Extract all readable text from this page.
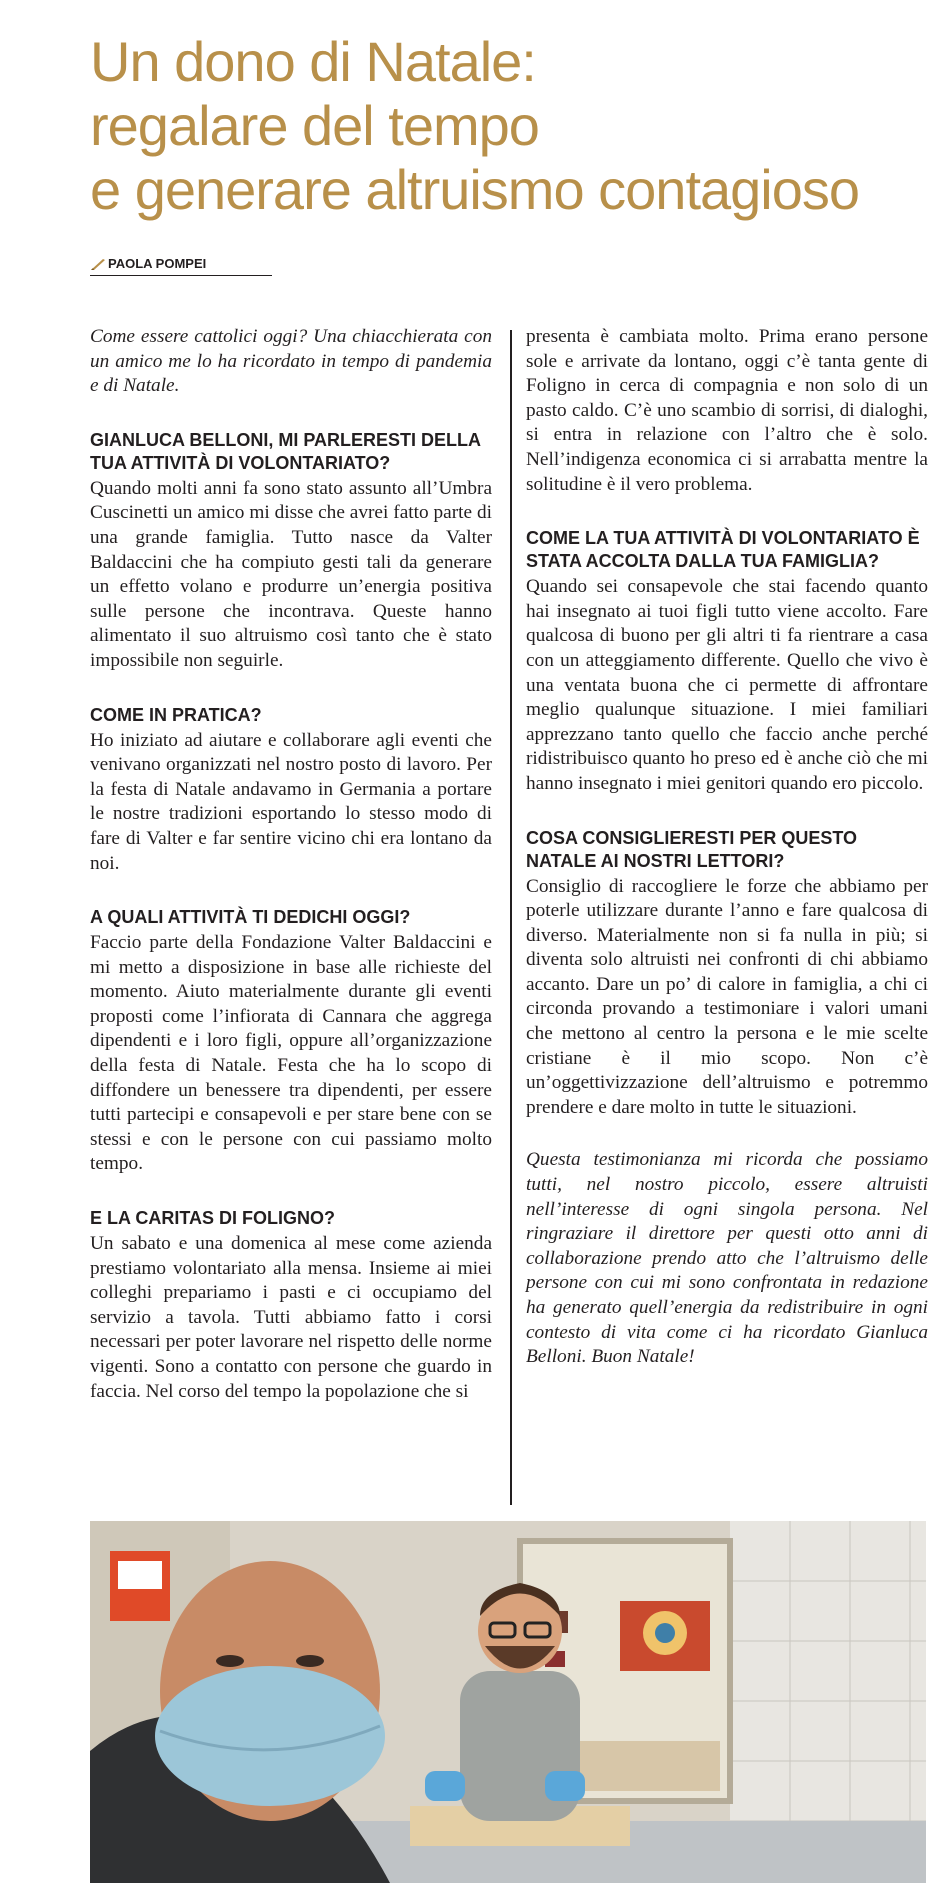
Un dono di Natale:
regalare del tempo
e generare altruismo contagioso
PAOLA POMPEI

Come essere cattolici oggi? Una chiacchierata con un amico me lo ha ricordato in tempo di pandemia e di Natale.

GIANLUCA BELLONI, MI PARLERESTI DELLA TUA ATTIVITÀ DI VOLONTARIATO?

Quando molti anni fa sono stato assunto all’Umbra Cuscinetti un amico mi disse che avrei fatto parte di una grande famiglia. Tutto nasce da Valter Baldaccini che ha compiuto gesti tali da generare un effetto volano e produrre un’energia positiva sulle persone che incontrava. Queste hanno alimentato il suo altruismo così tanto che è stato impossibile non seguirle.

COME IN PRATICA?

Ho iniziato ad aiutare e collaborare agli eventi che venivano organizzati nel nostro posto di lavoro. Per la festa di Natale andavamo in Germania a portare le nostre tradizioni esportando lo stesso modo di fare di Valter e far sentire vicino chi era lontano da noi.

A QUALI ATTIVITÀ TI DEDICHI OGGI?

Faccio parte della Fondazione Valter Baldaccini e mi metto a disposizione in base alle richieste del momento. Aiuto materialmente durante gli eventi proposti come l’infiorata di Cannara che aggrega dipendenti e i loro figli, oppure all’organizzazione della festa di Natale. Festa che ha lo scopo di diffondere un benessere tra dipendenti, per essere tutti partecipi e consapevoli e per stare bene con se stessi e con le persone con cui passiamo molto tempo.

E LA CARITAS DI FOLIGNO?

Un sabato e una domenica al mese come azienda prestiamo volontariato alla mensa. Insieme ai miei colleghi prepariamo i pasti e ci occupiamo del servizio a tavola. Tutti abbiamo fatto i corsi necessari per poter lavorare nel rispetto delle norme vigenti. Sono a contatto con persone che guardo in faccia. Nel corso del tempo la popolazione che si

presenta è cambiata molto. Prima erano persone sole e arrivate da lontano, oggi c’è tanta gente di Foligno in cerca di compagnia e non solo di un pasto caldo. C’è uno scambio di sorrisi, di dialoghi, si entra in relazione con l’altro che è solo. Nell’indigenza economica ci si arrabatta mentre la solitudine è il vero problema.

COME LA TUA ATTIVITÀ DI VOLONTARIATO È STATA ACCOLTA DALLA TUA FAMIGLIA?

Quando sei consapevole che stai facendo quanto hai insegnato ai tuoi figli tutto viene accolto. Fare qualcosa di buono per gli altri ti fa rientrare a casa con un atteggiamento differente. Quello che vivo è una ventata buona che ci permette di affrontare meglio qualunque situazione. I miei familiari apprezzano tanto quello che faccio anche perché ridistribuisco quanto ho preso ed è anche ciò che mi hanno insegnato i miei genitori quando ero piccolo.

COSA CONSIGLIERESTI PER QUESTO NATALE AI NOSTRI LETTORI?

Consiglio di raccogliere le forze che abbiamo per poterle utilizzare durante l’anno e fare qualcosa di diverso. Materialmente non si fa nulla in più; si diventa solo altruisti nei confronti di chi abbiamo accanto. Dare un po’ di calore in famiglia, a chi ci circonda provando a testimoniare i valori umani che mettono al centro la persona e le mie scelte cristiane è il mio scopo. Non c’è un’oggettivizzazione dell’altruismo e potremmo prendere e dare molto in tutte le situazioni.

Questa testimonianza mi ricorda che possiamo tutti, nel nostro piccolo, essere altruisti nell’interesse di ogni singola persona. Nel ringraziare il direttore per questi otto anni di collaborazione prendo atto che l’altruismo delle persone con cui mi sono confrontata in redazione ha generato quell’energia da redistribuire in ogni contesto di vita come ci ha ricordato Gianluca Belloni. Buon Natale!
